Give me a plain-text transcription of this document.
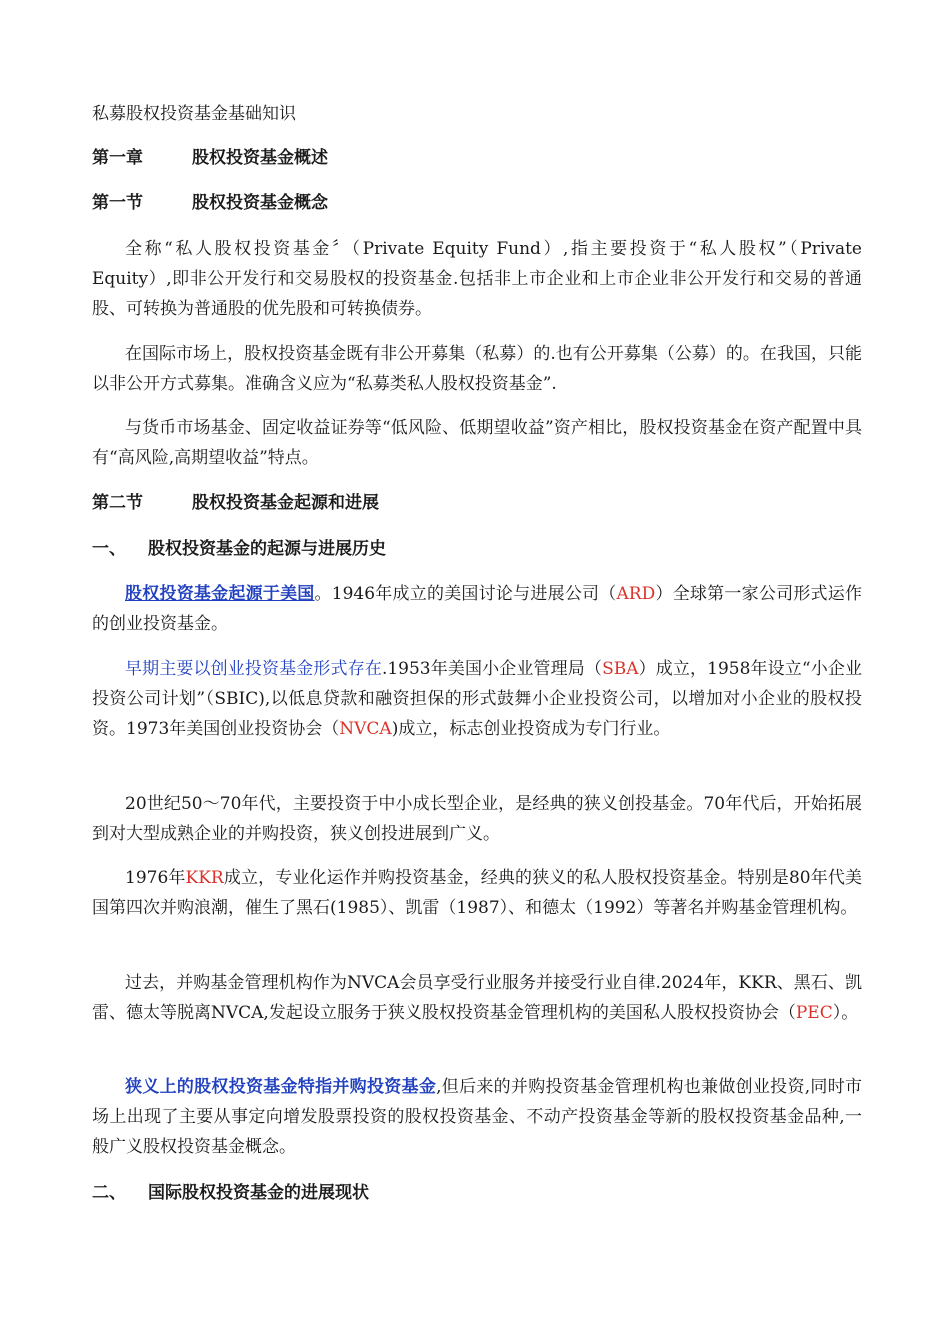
私募股权投资基金基础知识
第一章	股权投资基金概述
第一节	股权投资基金概念
全称“私人股权投资基金〞（Private Equity Fund）,指主要投资于“私人股权”（Private Equity）,即非公开发行和交易股权的投资基金.包括非上市企业和上市企业非公开发行和交易的普通股、可转换为普通股的优先股和可转换债券。
在国际市场上，股权投资基金既有非公开募集（私募）的.也有公开募集（公募）的。在我国，只能以非公开方式募集。准确含义应为“私募类私人股权投资基金”.
与货币市场基金、固定收益证券等“低风险、低期望收益”资产相比，股权投资基金在资产配置中具有“高风险,高期望收益”特点。
第二节	股权投资基金起源和进展
一、 股权投资基金的起源与进展历史
股权投资基金起源于美国。1946年成立的美国讨论与进展公司（ARD）全球第一家公司形式运作的创业投资基金。
早期主要以创业投资基金形式存在.1953年美国小企业管理局（SBA）成立，1958年设立“小企业投资公司计划”（SBIC),以低息贷款和融资担保的形式鼓舞小企业投资公司，以增加对小企业的股权投资。1973年美国创业投资协会（NVCA)成立，标志创业投资成为专门行业。
20世纪50～70年代，主要投资于中小成长型企业，是经典的狭义创投基金。70年代后，开始拓展到对大型成熟企业的并购投资，狭义创投进展到广义。
1976年KKR成立，专业化运作并购投资基金，经典的狭义的私人股权投资基金。特别是80年代美国第四次并购浪潮，催生了黑石(1985）、凯雷（1987）、和德太（1992）等著名并购基金管理机构。
过去，并购基金管理机构作为NVCA会员享受行业服务并接受行业自律.2024年，KKR、黑石、凯雷、德太等脱离NVCA,发起设立服务于狭义股权投资基金管理机构的美国私人股权投资协会（PEC）。
狭义上的股权投资基金特指并购投资基金,但后来的并购投资基金管理机构也兼做创业投资,同时市场上出现了主要从事定向增发股票投资的股权投资基金、不动产投资基金等新的股权投资基金品种,一般广义股权投资基金概念。
二、 国际股权投资基金的进展现状
